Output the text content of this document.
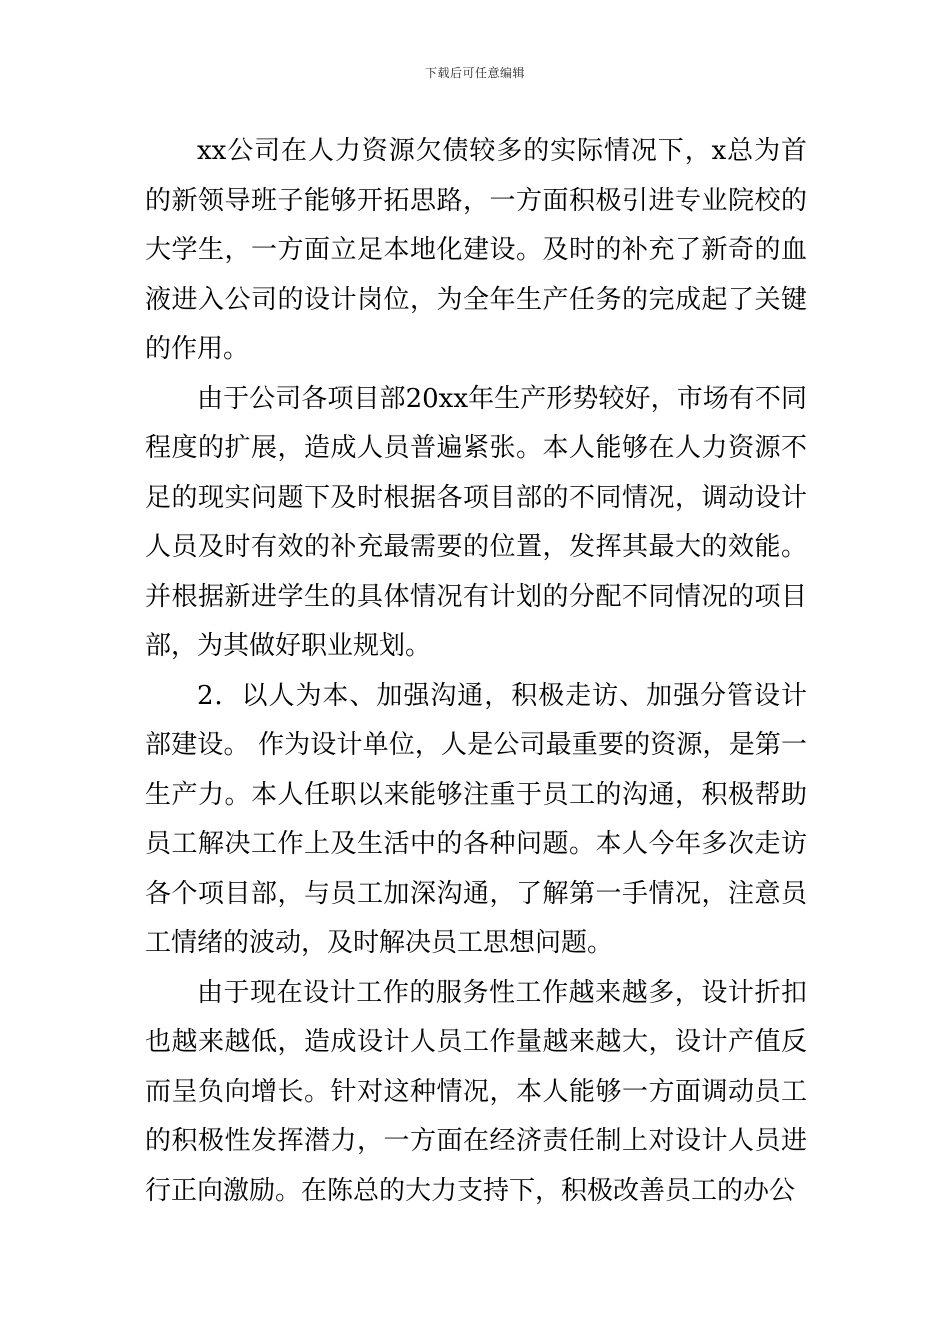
下载后可任意编辑

xx公司在人力资源欠债较多的实际情况下，x总为首的新领导班子能够开拓思路，一方面积极引进专业院校的大学生，一方面立足本地化建设。及时的补充了新奇的血液进入公司的设计岗位，为全年生产任务的完成起了关键的作用。

由于公司各项目部20xx年生产形势较好，市场有不同程度的扩展，造成人员普遍紧张。本人能够在人力资源不足的现实问题下及时根据各项目部的不同情况，调动设计人员及时有效的补充最需要的位置，发挥其最大的效能。并根据新进学生的具体情况有计划的分配不同情况的项目部，为其做好职业规划。

2．以人为本、加强沟通，积极走访、加强分管设计部建设。 作为设计单位，人是公司最重要的资源，是第一生产力。本人任职以来能够注重于员工的沟通，积极帮助员工解决工作上及生活中的各种问题。本人今年多次走访各个项目部，与员工加深沟通，了解第一手情况，注意员工情绪的波动，及时解决员工思想问题。

由于现在设计工作的服务性工作越来越多，设计折扣也越来越低，造成设计人员工作量越来越大，设计产值反而呈负向增长。针对这种情况，本人能够一方面调动员工的积极性发挥潜力，一方面在经济责任制上对设计人员进行正向激励。在陈总的大力支持下，积极改善员工的办公
